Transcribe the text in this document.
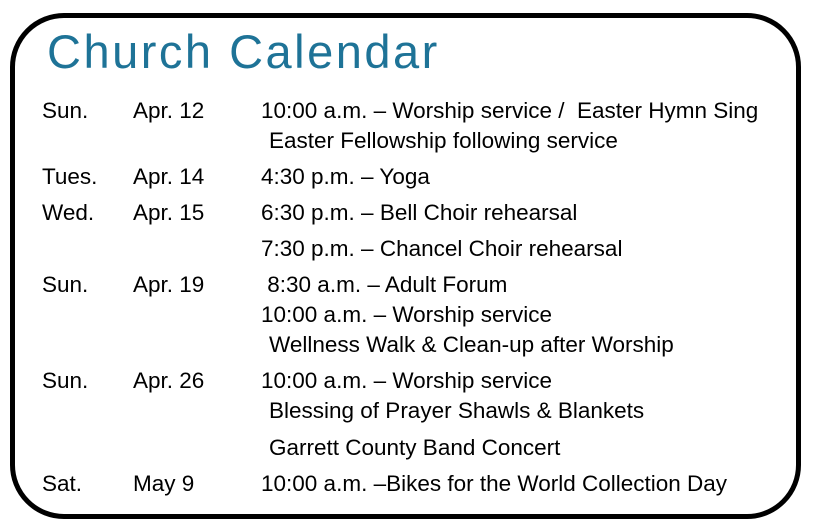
Church Calendar
Sun.	Apr. 12	10:00 a.m. – Worship service /  Easter Hymn Sing
Easter Fellowship following service
Tues.	Apr. 14	4:30 p.m. – Yoga
Wed.	Apr. 15	6:30 p.m. – Bell Choir rehearsal
7:30 p.m. – Chancel Choir rehearsal
Sun.	Apr. 19	8:30 a.m. – Adult Forum
10:00 a.m. – Worship service
Wellness Walk & Clean-up after Worship
Sun.	Apr. 26	10:00 a.m. – Worship service
Blessing of Prayer Shawls & Blankets
Garrett County Band Concert
Sat.	May 9	10:00 a.m. –Bikes for the World Collection Day
